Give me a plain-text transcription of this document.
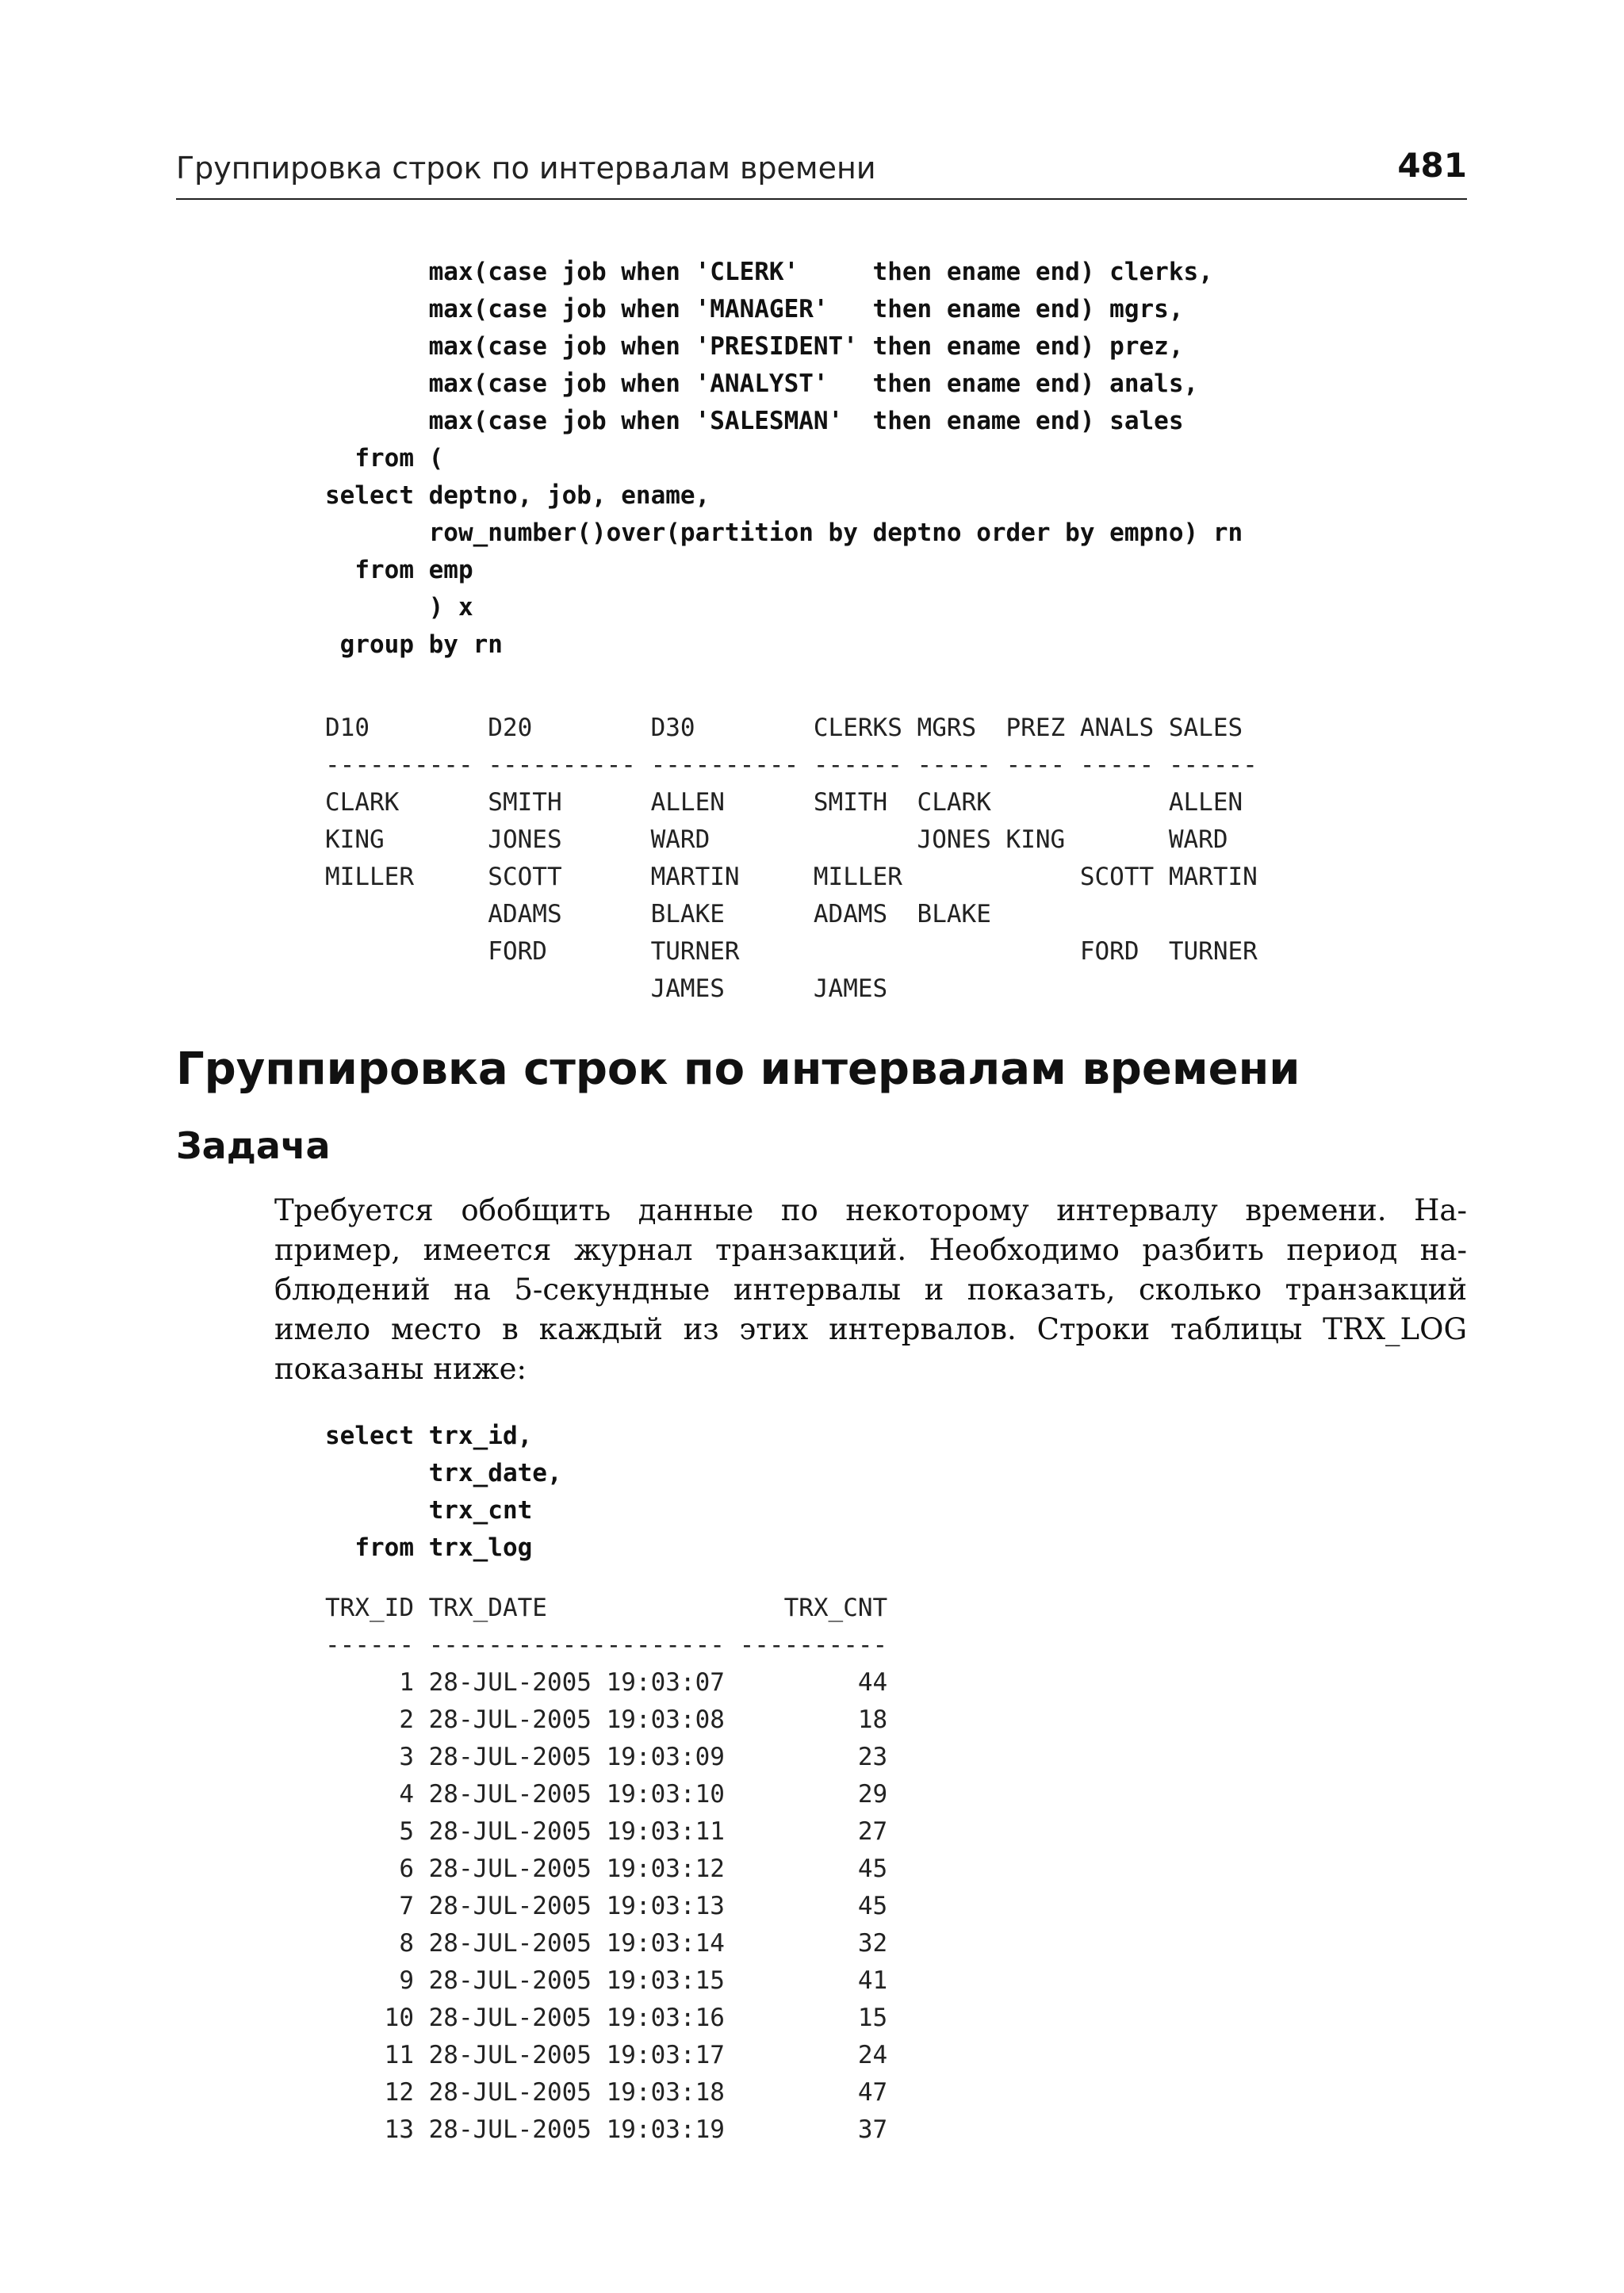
Группировка строк по интервалам времени	481
max(case job when 'CLERK'     then ename end) clerks,
max(case job when 'MANAGER'   then ename end) mgrs,
max(case job when 'PRESIDENT' then ename end) prez,
max(case job when 'ANALYST'   then ename end) anals,
max(case job when 'SALESMAN'  then ename end) sales
from (
select deptno, job, ename,
row_number()over(partition by deptno order by empno) rn
from emp
) x
group by rn
D10        D20        D30        CLERKS MGRS  PREZ ANALS SALES
---------- ---------- ---------- ------ ----- ---- ----- ------
CLARK      SMITH      ALLEN      SMITH  CLARK            ALLEN
KING       JONES      WARD              JONES KING       WARD
MILLER     SCOTT      MARTIN     MILLER            SCOTT MARTIN
ADAMS      BLAKE      ADAMS  BLAKE
FORD       TURNER                       FORD  TURNER
JAMES      JAMES
Группировка строк по интервалам времени
Задача
Требуется обобщить данные по некоторому интервалу времени. На-
пример, имеется журнал транзакций. Необходимо разбить период на-
блюдений на 5-секундные интервалы и показать, сколько транзакций
имело место в каждый из этих интервалов. Строки таблицы TRX_LOG
показаны ниже:
select trx_id,
trx_date,
trx_cnt
from trx_log
TRX_ID TRX_DATE                TRX_CNT
------ -------------------- ----------
1 28-JUL-2005 19:03:07         44
2 28-JUL-2005 19:03:08         18
3 28-JUL-2005 19:03:09         23
4 28-JUL-2005 19:03:10         29
5 28-JUL-2005 19:03:11         27
6 28-JUL-2005 19:03:12         45
7 28-JUL-2005 19:03:13         45
8 28-JUL-2005 19:03:14         32
9 28-JUL-2005 19:03:15         41
10 28-JUL-2005 19:03:16         15
11 28-JUL-2005 19:03:17         24
12 28-JUL-2005 19:03:18         47
13 28-JUL-2005 19:03:19         37
